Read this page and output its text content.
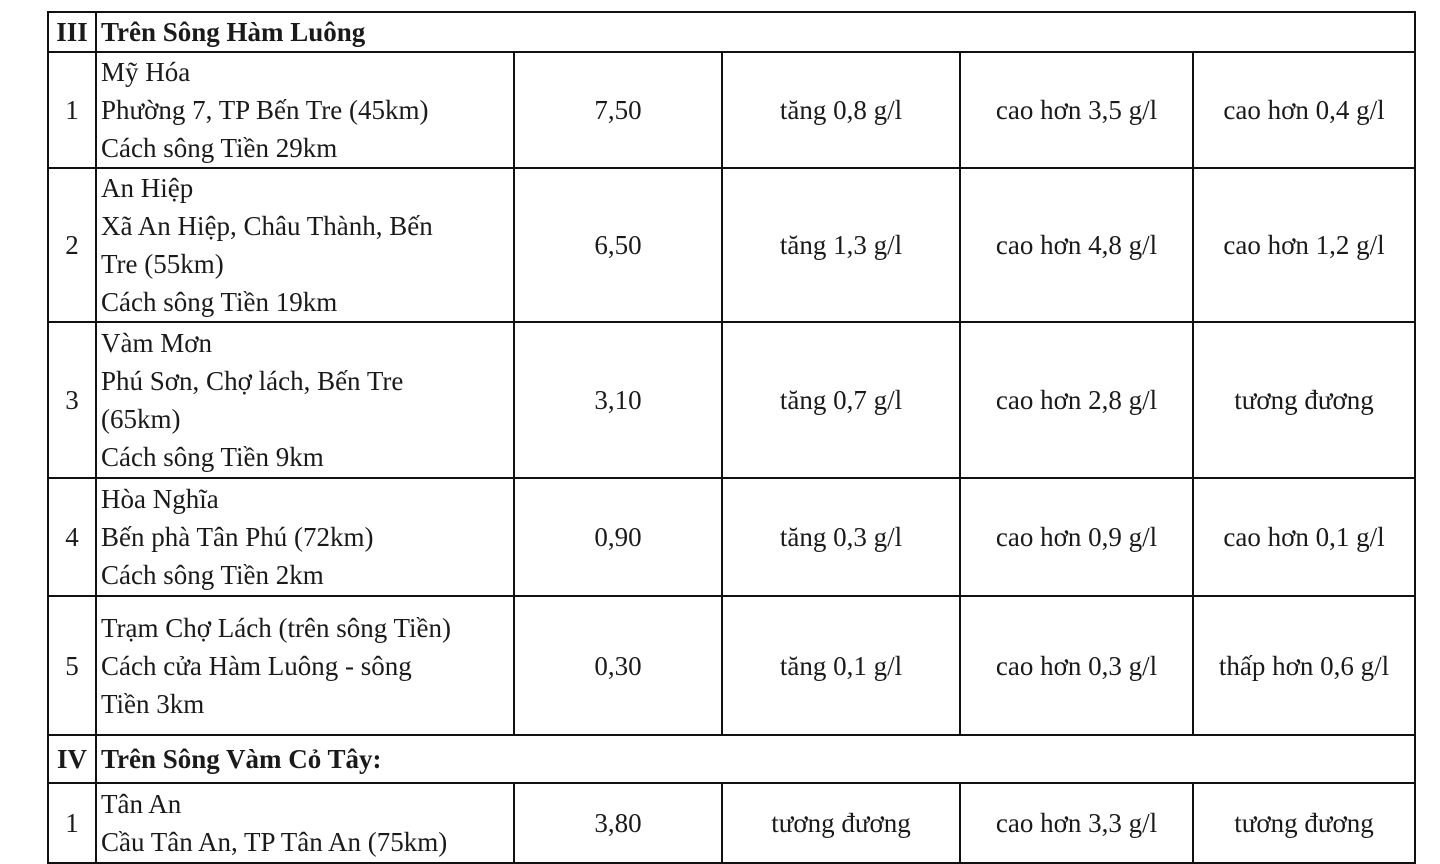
III	Trên Sông Hàm Luông				
1	Mỹ Hóa
Phường 7, TP Bến Tre (45km)
Cách sông Tiền 29km	7,50	tăng 0,8 g/l	cao hơn 3,5 g/l	cao hơn 0,4 g/l
2	An Hiệp
Xã An Hiệp, Châu Thành, Bến
Tre (55km)
Cách sông Tiền 19km	6,50	tăng 1,3 g/l	cao hơn 4,8 g/l	cao hơn 1,2 g/l
3	Vàm Mơn
Phú Sơn, Chợ lách, Bến Tre
(65km)
Cách sông Tiền 9km	3,10	tăng 0,7 g/l	cao hơn 2,8 g/l	tương đương
4	Hòa Nghĩa
Bến phà Tân Phú (72km)
Cách sông Tiền 2km	0,90	tăng 0,3 g/l	cao hơn 0,9 g/l	cao hơn 0,1 g/l
5	Trạm Chợ Lách (trên sông Tiền)
Cách cửa Hàm Luông - sông
Tiền 3km	0,30	tăng 0,1 g/l	cao hơn 0,3 g/l	thấp hơn 0,6 g/l
IV	Trên Sông Vàm Cỏ Tây:				
1	Tân An
Cầu Tân An, TP Tân An (75km)	3,80	tương đương	cao hơn 3,3 g/l	tương đương
